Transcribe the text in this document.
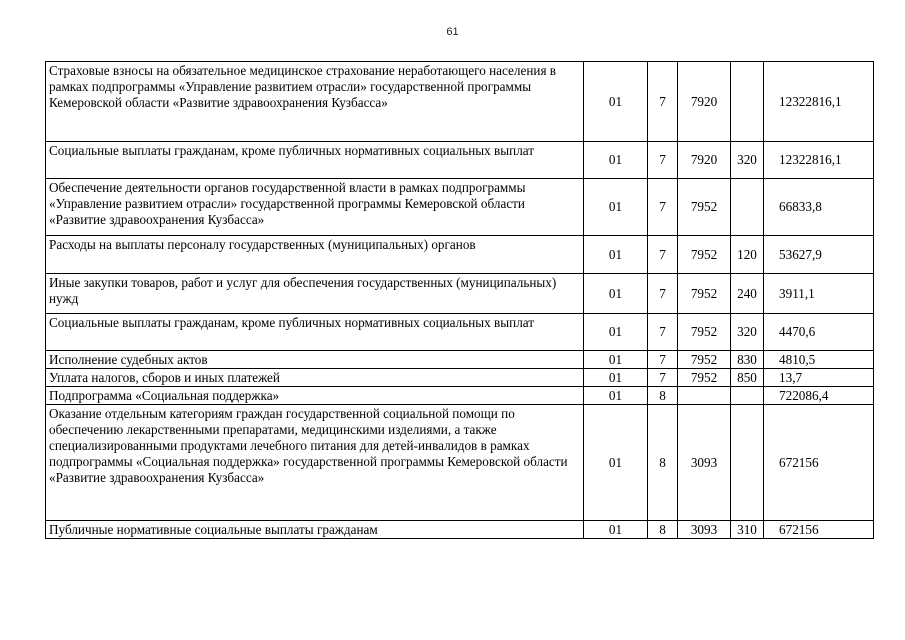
61
Страховые взносы на обязательное медицинское страхование неработающего населения в рамках подпрограммы «Управление развитием отрасли» государственной программы Кемеровской области «Развитие здравоохранения Кузбасса»	01	7	7920		12322816,1
Социальные выплаты гражданам, кроме публичных нормативных социальных выплат	01	7	7920	320	12322816,1
Обеспечение деятельности органов государственной власти в рамках подпрограммы «Управление развитием отрасли» государственной программы Кемеровской области «Развитие здравоохранения Кузбасса»	01	7	7952		66833,8
Расходы на выплаты персоналу государственных (муниципальных) органов	01	7	7952	120	53627,9
Иные закупки товаров, работ и услуг для обеспечения государственных (муниципальных) нужд	01	7	7952	240	3911,1
Социальные выплаты гражданам, кроме публичных нормативных социальных выплат	01	7	7952	320	4470,6
Исполнение судебных актов	01	7	7952	830	4810,5
Уплата налогов, сборов и иных платежей	01	7	7952	850	13,7
Подпрограмма «Социальная поддержка»	01	8			722086,4
Оказание отдельным категориям граждан государственной социальной помощи по обеспечению лекарственными препаратами, медицинскими изделиями, а также специализированными продуктами лечебного питания для детей-инвалидов в рамках подпрограммы «Социальная поддержка» государственной программы Кемеровской области «Развитие здравоохранения Кузбасса»	01	8	3093		672156
Публичные нормативные социальные выплаты гражданам	01	8	3093	310	672156
